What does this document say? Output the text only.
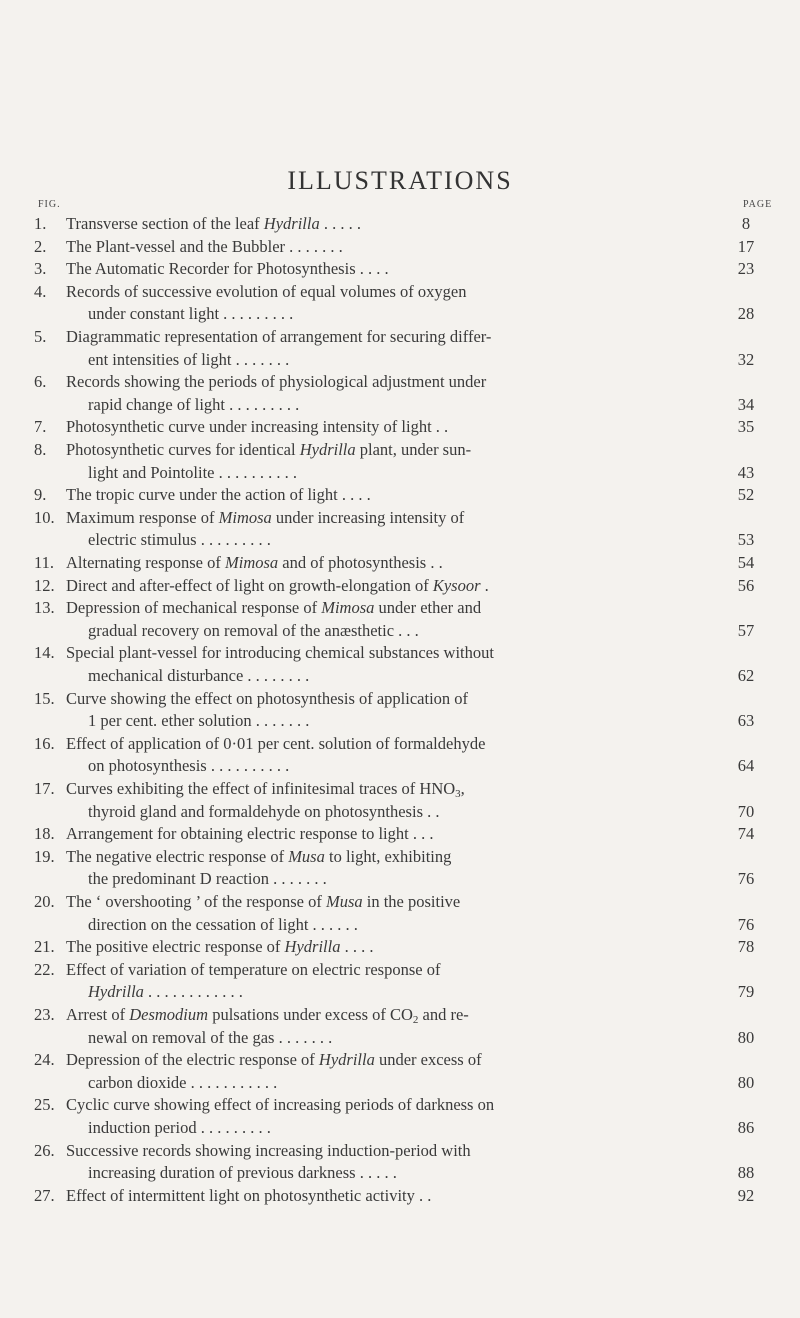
ILLUSTRATIONS
FIG.	PAGE
1.	Transverse section of the leaf Hydrilla . . . . .	8
2.	The Plant-vessel and the Bubbler . . . . . . .	17
3.	The Automatic Recorder for Photosynthesis . . . .	23
4.	Records of successive evolution of equal volumes of oxygen
under constant light . . . . . . . . .	28
5.	Diagrammatic representation of arrangement for securing differ-
ent intensities of light . . . . . . .	32
6.	Records showing the periods of physiological adjustment under
rapid change of light . . . . . . . . .	34
7.	Photosynthetic curve under increasing intensity of light . .	35
8.	Photosynthetic curves for identical Hydrilla plant, under sun-
light and Pointolite . . . . . . . . . .	43
9.	The tropic curve under the action of light . . . .	52
10. Maximum response of Mimosa under increasing intensity of
electric stimulus . . . . . . . . .	53
11. Alternating response of Mimosa and of photosynthesis . .	54
12. Direct and after-effect of light on growth-elongation of Kysoor .	56
13. Depression of mechanical response of Mimosa under ether and
gradual recovery on removal of the anæsthetic . . .	57
14. Special plant-vessel for introducing chemical substances without
mechanical disturbance . . . . . . . .	62
15. Curve showing the effect on photosynthesis of application of
1 per cent. ether solution . . . . . . .	63
16. Effect of application of 0·01 per cent. solution of formaldehyde
on photosynthesis . . . . . . . . . .	64
17. Curves exhibiting the effect of infinitesimal traces of $HNO_3$,
thyroid gland and formaldehyde on photosynthesis . .	70
18. Arrangement for obtaining electric response to light . . .	74
19. The negative electric response of Musa to light, exhibiting
the predominant D reaction . . . . . . .	76
20. The ‘ overshooting ’ of the response of Musa in the positive
direction on the cessation of light . . . . . .	76
21. The positive electric response of Hydrilla . . . .	78
22. Effect of variation of temperature on electric response of
Hydrilla . . . . . . . . . . . .	79
23. Arrest of Desmodium pulsations under excess of $CO_2$ and re-
newal on removal of the gas . . . . . . .	80
24. Depression of the electric response of Hydrilla under excess of
carbon dioxide . . . . . . . . . . .	80
25. Cyclic curve showing effect of increasing periods of darkness on
induction period . . . . . . . . .	86
26. Successive records showing increasing induction-period with
increasing duration of previous darkness . . . . .	88
27. Effect of intermittent light on photosynthetic activity . .	92
